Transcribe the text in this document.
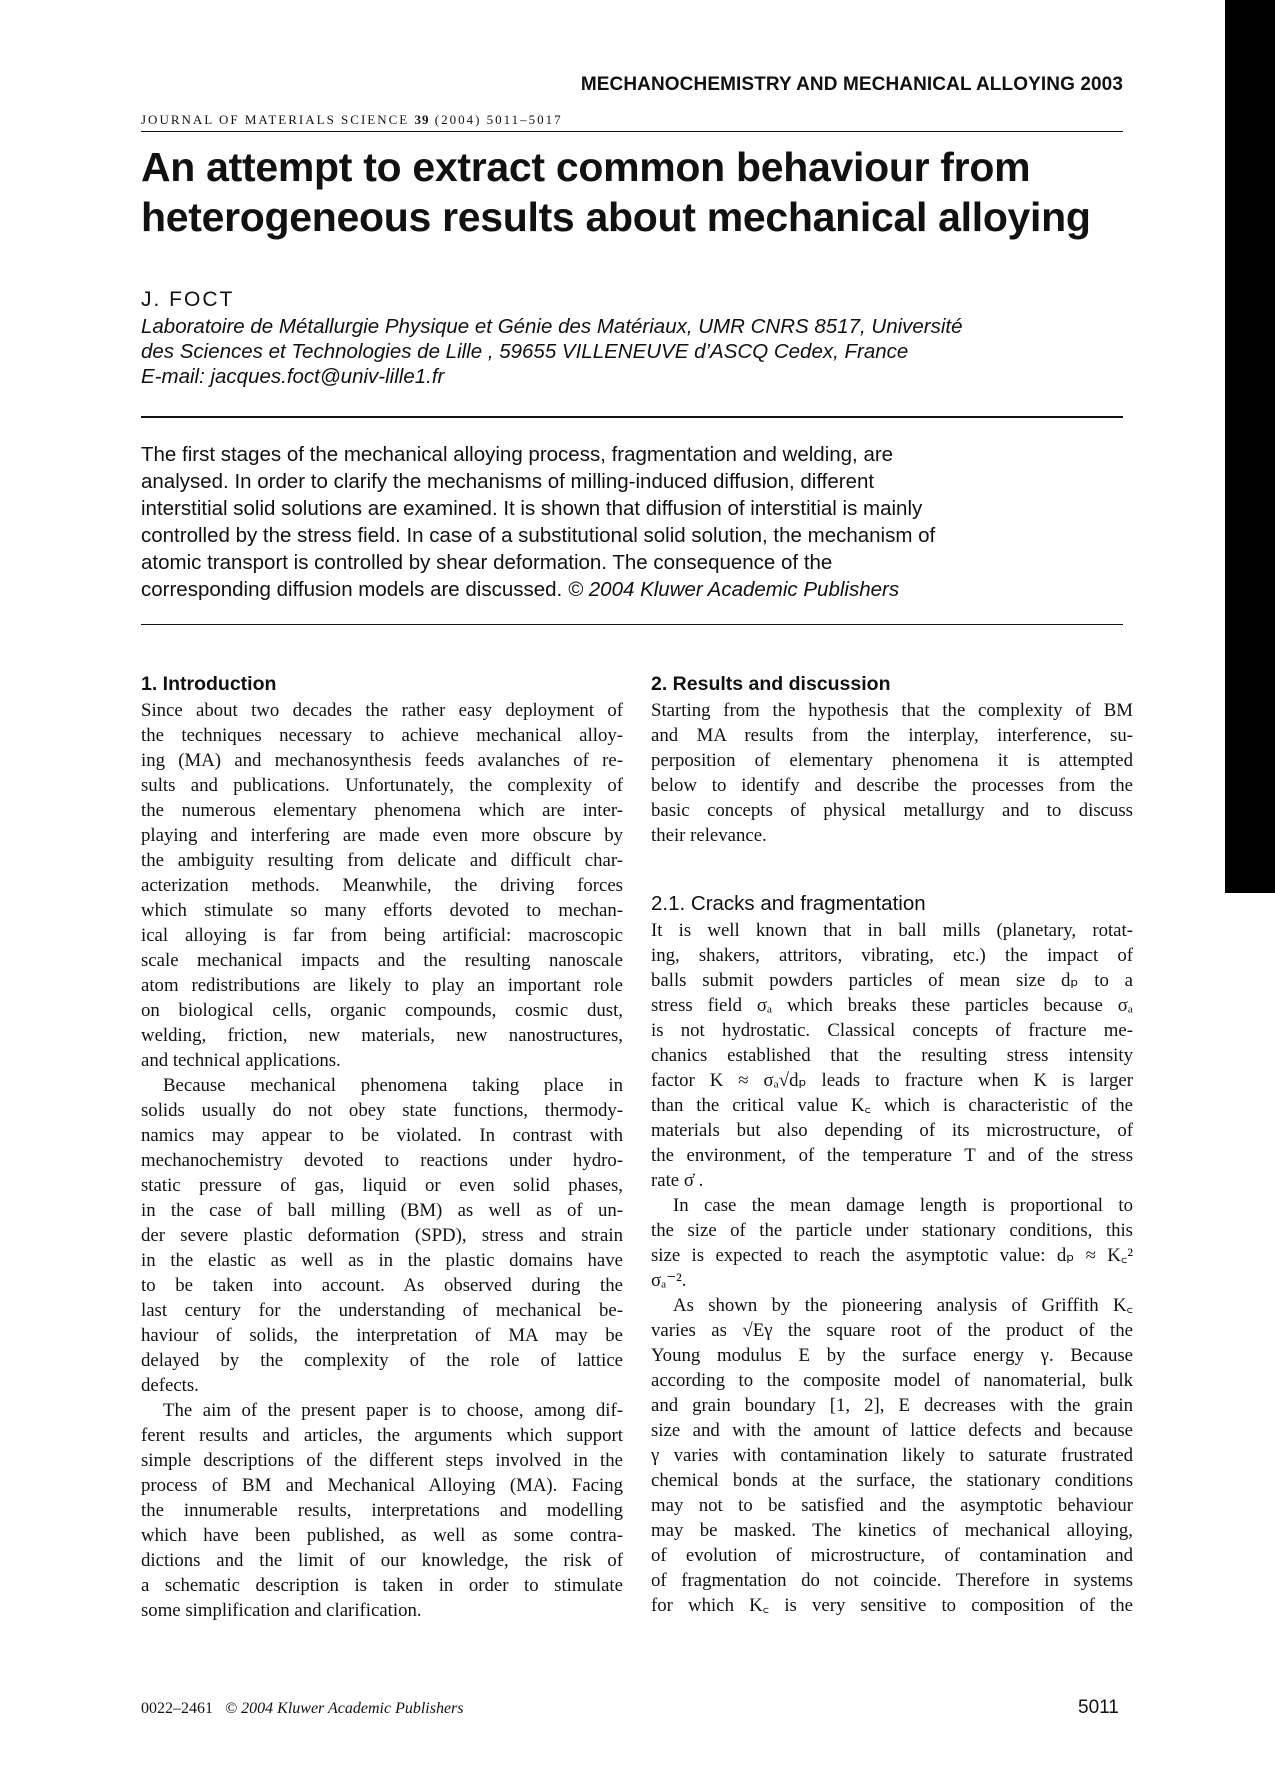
MECHANOCHEMISTRY AND MECHANICAL ALLOYING 2003
JOURNAL OF MATERIALS SCIENCE 39 (2004) 5011–5017
An attempt to extract common behaviour from
heterogeneous results about mechanical alloying
J. FOCT
Laboratoire de Métallurgie Physique et Génie des Matériaux, UMR CNRS 8517, Université
des Sciences et Technologies de Lille , 59655 VILLENEUVE d’ASCQ Cedex, France
E-mail: jacques.foct@univ-lille1.fr
The first stages of the mechanical alloying process, fragmentation and welding, are
analysed. In order to clarify the mechanisms of milling-induced diffusion, different
interstitial solid solutions are examined. It is shown that diffusion of interstitial is mainly
controlled by the stress field. In case of a substitutional solid solution, the mechanism of
atomic transport is controlled by shear deformation. The consequence of the
corresponding diffusion models are discussed. © 2004 Kluwer Academic Publishers
1. Introduction
Since about two decades the rather easy deployment of
the techniques necessary to achieve mechanical alloy-
ing (MA) and mechanosynthesis feeds avalanches of re-
sults and publications. Unfortunately, the complexity of
the numerous elementary phenomena which are inter-
playing and interfering are made even more obscure by
the ambiguity resulting from delicate and difficult char-
acterization methods. Meanwhile, the driving forces
which stimulate so many efforts devoted to mechan-
ical alloying is far from being artificial: macroscopic
scale mechanical impacts and the resulting nanoscale
atom redistributions are likely to play an important role
on biological cells, organic compounds, cosmic dust,
welding, friction, new materials, new nanostructures,
and technical applications.
Because mechanical phenomena taking place in
solids usually do not obey state functions, thermody-
namics may appear to be violated. In contrast with
mechanochemistry devoted to reactions under hydro-
static pressure of gas, liquid or even solid phases,
in the case of ball milling (BM) as well as of un-
der severe plastic deformation (SPD), stress and strain
in the elastic as well as in the plastic domains have
to be taken into account. As observed during the
last century for the understanding of mechanical be-
haviour of solids, the interpretation of MA may be
delayed by the complexity of the role of lattice
defects.
The aim of the present paper is to choose, among dif-
ferent results and articles, the arguments which support
simple descriptions of the different steps involved in the
process of BM and Mechanical Alloying (MA). Facing
the innumerable results, interpretations and modelling
which have been published, as well as some contra-
dictions and the limit of our knowledge, the risk of
a schematic description is taken in order to stimulate
some simplification and clarification.
2. Results and discussion
Starting from the hypothesis that the complexity of BM
and MA results from the interplay, interference, su-
perposition of elementary phenomena it is attempted
below to identify and describe the processes from the
basic concepts of physical metallurgy and to discuss
their relevance.
2.1. Cracks and fragmentation
It is well known that in ball mills (planetary, rotat-
ing, shakers, attritors, vibrating, etc.) the impact of
balls submit powders particles of mean size dₚ to a
stress field σₐ which breaks these particles because σₐ
is not hydrostatic. Classical concepts of fracture me-
chanics established that the resulting stress intensity
factor K ≈ σₐ√dₚ leads to fracture when K is larger
than the critical value K꜀ which is characteristic of the
materials but also depending of its microstructure, of
the environment, of the temperature T and of the stress
rate σ̇ .
In case the mean damage length is proportional to
the size of the particle under stationary conditions, this
size is expected to reach the asymptotic value: dₚ ≈ K꜀²
σₐ⁻².
As shown by the pioneering analysis of Griffith K꜀
varies as √Eγ the square root of the product of the
Young modulus E by the surface energy γ. Because
according to the composite model of nanomaterial, bulk
and grain boundary [1, 2], E decreases with the grain
size and with the amount of lattice defects and because
γ varies with contamination likely to saturate frustrated
chemical bonds at the surface, the stationary conditions
may not to be satisfied and the asymptotic behaviour
may be masked. The kinetics of mechanical alloying,
of evolution of microstructure, of contamination and
of fragmentation do not coincide. Therefore in systems
for which K꜀ is very sensitive to composition of the
0022–2461 © 2004 Kluwer Academic Publishers	5011
